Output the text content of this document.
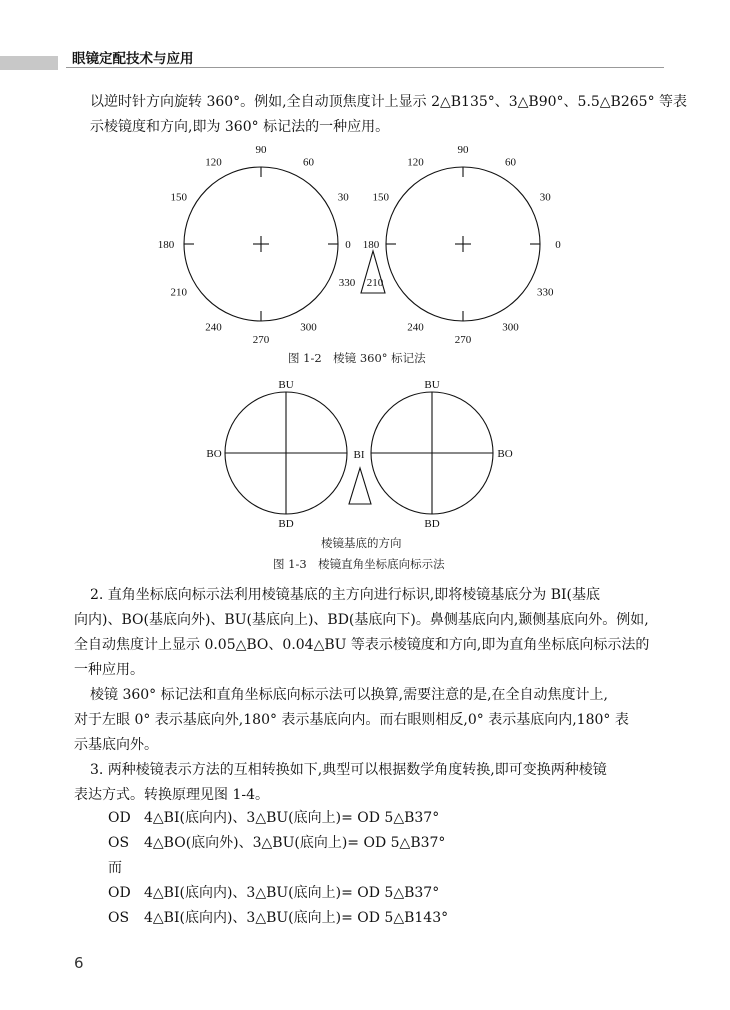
眼镜定配技术与应用

以逆时针方向旋转 360°。例如,全自动顶焦度计上显示 2△B135°、3△B90°、5.5△B265° 等表

示棱镜度和方向,即为 360° 标记法的一种应用。

90
60
30
0
330
300
270
240
210
180
150
120
90
60
30
0
330
300
270
240
210
180
150
120
图 1-2　棱镜 360° 标记法
BU
BO
BD
BI
BU
BO
BD
棱镜基底的方向
图 1-3　棱镜直角坐标底向标示法

2. 直角坐标底向标示法利用棱镜基底的主方向进行标识,即将棱镜基底分为 BI(基底

向内)、BO(基底向外)、BU(基底向上)、BD(基底向下)。鼻侧基底向内,颞侧基底向外。例如,

全自动焦度计上显示 0.05△BO、0.04△BU 等表示棱镜度和方向,即为直角坐标底向标示法的

一种应用。

棱镜 360° 标记法和直角坐标底向标示法可以换算,需要注意的是,在全自动焦度计上,

对于左眼 0° 表示基底向外,180° 表示基底向内。而右眼则相反,0° 表示基底向内,180° 表

示基底向外。

3. 两种棱镜表示方法的互相转换如下,典型可以根据数学角度转换,即可变换两种棱镜

表达方式。转换原理见图 1-4。

OD 4△BI(底向内)、3△BU(底向上)= OD 5△B37°
OS 4△BO(底向外)、3△BU(底向上)= OD 5△B37°
而
OD 4△BI(底向内)、3△BU(底向上)= OD 5△B37°
OS 4△BI(底向内)、3△BU(底向上)= OD 5△B143°
6
